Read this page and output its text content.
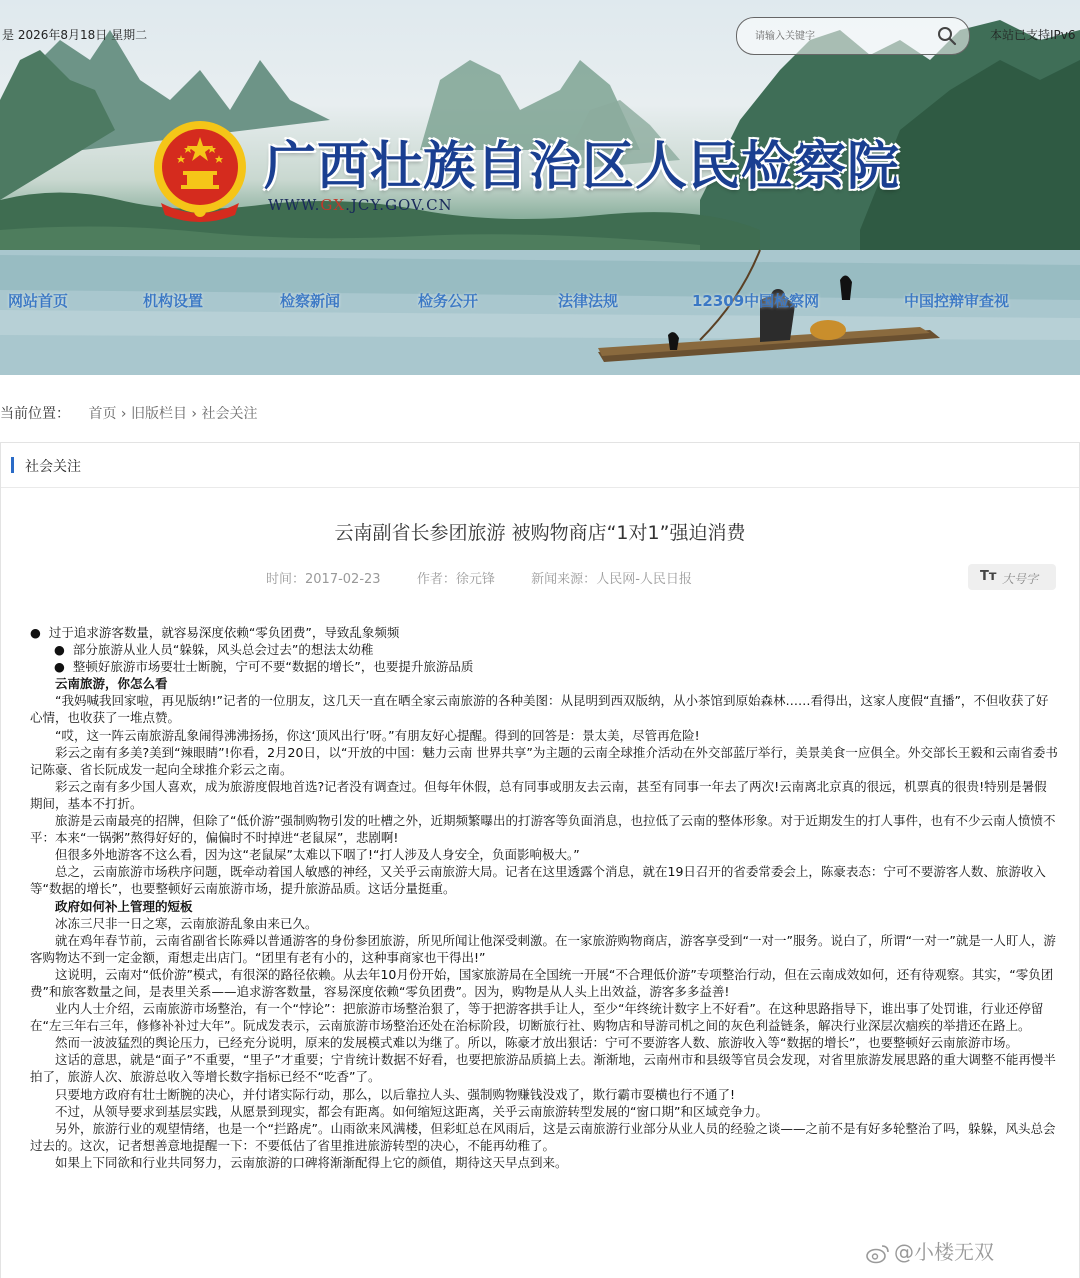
是 2026年8月18日 星期二
请输入关键字	本站已支持IPv6
广西壮族自治区人民检察院
WWW.GX.JCY.GOV.CN
网站首页	机构设置	检察新闻	检务公开	法律法规	12309中国检察网	中国控辩审查视
当前位置： 首页 › 旧版栏目 › 社会关注
社会关注
云南副省长参团旅游 被购物商店“1对1”强迫消费
时间：2017-02-23	作者：徐元锋	新闻来源：人民网-人民日报	Tт 大号字
● 过于追求游客数量，就容易深度依赖“零负团费”，导致乱象频频
● 部分旅游从业人员“躲躲，风头总会过去”的想法太幼稚
● 整顿好旅游市场要壮士断腕，宁可不要“数据的增长”，也要提升旅游品质

云南旅游，你怎么看

“我妈喊我回家啦，再见版纳!”记者的一位朋友，这几天一直在晒全家云南旅游的各种美图：从昆明到西双版纳，从小茶馆到原始森林……看得出，这家人度假“直播”，不但收获了好心情，也收获了一堆点赞。

“哎，这一阵云南旅游乱象闹得沸沸扬扬，你这‘顶风出行’呀。”有朋友好心提醒。得到的回答是：景太美，尽管再危险!

彩云之南有多美?美到“辣眼睛”!你看，2月20日，以“开放的中国：魅力云南 世界共享”为主题的云南全球推介活动在外交部蓝厅举行，美景美食一应俱全。外交部长王毅和云南省委书记陈豪、省长阮成发一起向全球推介彩云之南。

彩云之南有多少国人喜欢，成为旅游度假地首选?记者没有调查过。但每年休假，总有同事或朋友去云南，甚至有同事一年去了两次!云南离北京真的很远，机票真的很贵!特别是暑假期间，基本不打折。

旅游是云南最亮的招牌，但除了“低价游”强制购物引发的吐槽之外，近期频繁曝出的打游客等负面消息，也拉低了云南的整体形象。对于近期发生的打人事件，也有不少云南人愤愤不平：本来“一锅粥”熬得好好的，偏偏时不时掉进“老鼠屎”，悲剧啊!

但很多外地游客不这么看，因为这“老鼠屎”太难以下咽了!“打人涉及人身安全，负面影响极大。”

总之，云南旅游市场秩序问题，既牵动着国人敏感的神经，又关乎云南旅游大局。记者在这里透露个消息，就在19日召开的省委常委会上，陈豪表态：宁可不要游客人数、旅游收入等“数据的增长”，也要整顿好云南旅游市场，提升旅游品质。这话分量挺重。

政府如何补上管理的短板

冰冻三尺非一日之寒，云南旅游乱象由来已久。

就在鸡年春节前，云南省副省长陈舜以普通游客的身份参团旅游，所见所闻让他深受刺激。在一家旅游购物商店，游客享受到“一对一”服务。说白了，所谓“一对一”就是一人盯人，游客购物达不到一定金额，甭想走出店门。“团里有老有小的，这种事商家也干得出!”

这说明，云南对“低价游”模式，有很深的路径依赖。从去年10月份开始，国家旅游局在全国统一开展“不合理低价游”专项整治行动，但在云南成效如何，还有待观察。其实，“零负团费”和旅客数量之间，是表里关系——追求游客数量，容易深度依赖“零负团费”。因为，购物是从人头上出效益，游客多多益善!

业内人士介绍，云南旅游市场整治，有一个“悖论”：把旅游市场整治狠了，等于把游客拱手让人，至少“年终统计数字上不好看”。在这种思路指导下，谁出事了处罚谁，行业还停留在“左三年右三年，修修补补过大年”。阮成发表示，云南旅游市场整治还处在治标阶段，切断旅行社、购物店和导游司机之间的灰色利益链条，解决行业深层次痼疾的举措还在路上。

然而一波波猛烈的舆论压力，已经充分说明，原来的发展模式难以为继了。所以，陈豪才放出狠话：宁可不要游客人数、旅游收入等“数据的增长”，也要整顿好云南旅游市场。

这话的意思，就是“面子”不重要，“里子”才重要；宁肯统计数据不好看，也要把旅游品质搞上去。渐渐地，云南州市和县级等官员会发现，对省里旅游发展思路的重大调整不能再慢半拍了，旅游人次、旅游总收入等增长数字指标已经不“吃香”了。

只要地方政府有壮士断腕的决心，并付诸实际行动，那么，以后靠拉人头、强制购物赚钱没戏了，欺行霸市耍横也行不通了!

不过，从领导要求到基层实践，从愿景到现实，都会有距离。如何缩短这距离，关乎云南旅游转型发展的“窗口期”和区域竞争力。

另外，旅游行业的观望情绪，也是一个“拦路虎”。山雨欲来风满楼，但彩虹总在风雨后，这是云南旅游行业部分从业人员的经验之谈——之前不是有好多轮整治了吗，躲躲，风头总会过去的。这次，记者想善意地提醒一下：不要低估了省里推进旅游转型的决心，不能再幼稚了。

如果上下同欲和行业共同努力，云南旅游的口碑将渐渐配得上它的颜值，期待这天早点到来。

@小楼无双
